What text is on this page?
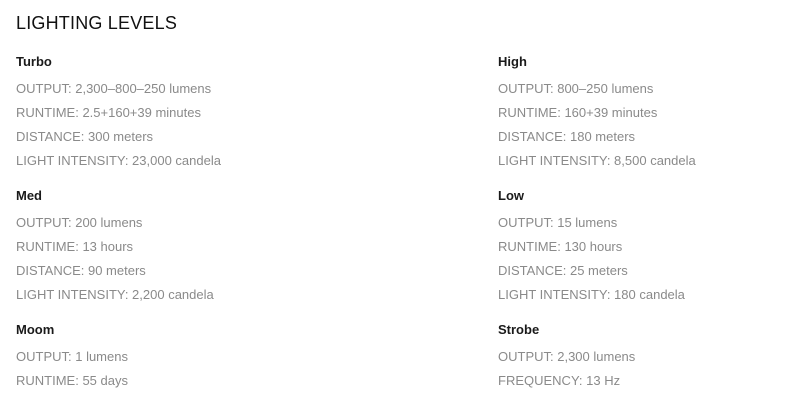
LIGHTING LEVELS
Turbo
OUTPUT: 2,300–800–250 lumens
RUNTIME: 2.5+160+39 minutes
DISTANCE: 300 meters
LIGHT INTENSITY: 23,000 candela
High
OUTPUT: 800–250 lumens
RUNTIME: 160+39 minutes
DISTANCE: 180 meters
LIGHT INTENSITY: 8,500 candela
Med
OUTPUT: 200 lumens
RUNTIME: 13 hours
DISTANCE: 90 meters
LIGHT INTENSITY: 2,200 candela
Low
OUTPUT: 15 lumens
RUNTIME: 130 hours
DISTANCE: 25 meters
LIGHT INTENSITY: 180 candela
Moom
OUTPUT: 1 lumens
RUNTIME: 55 days
Strobe
OUTPUT: 2,300 lumens
FREQUENCY: 13 Hz
